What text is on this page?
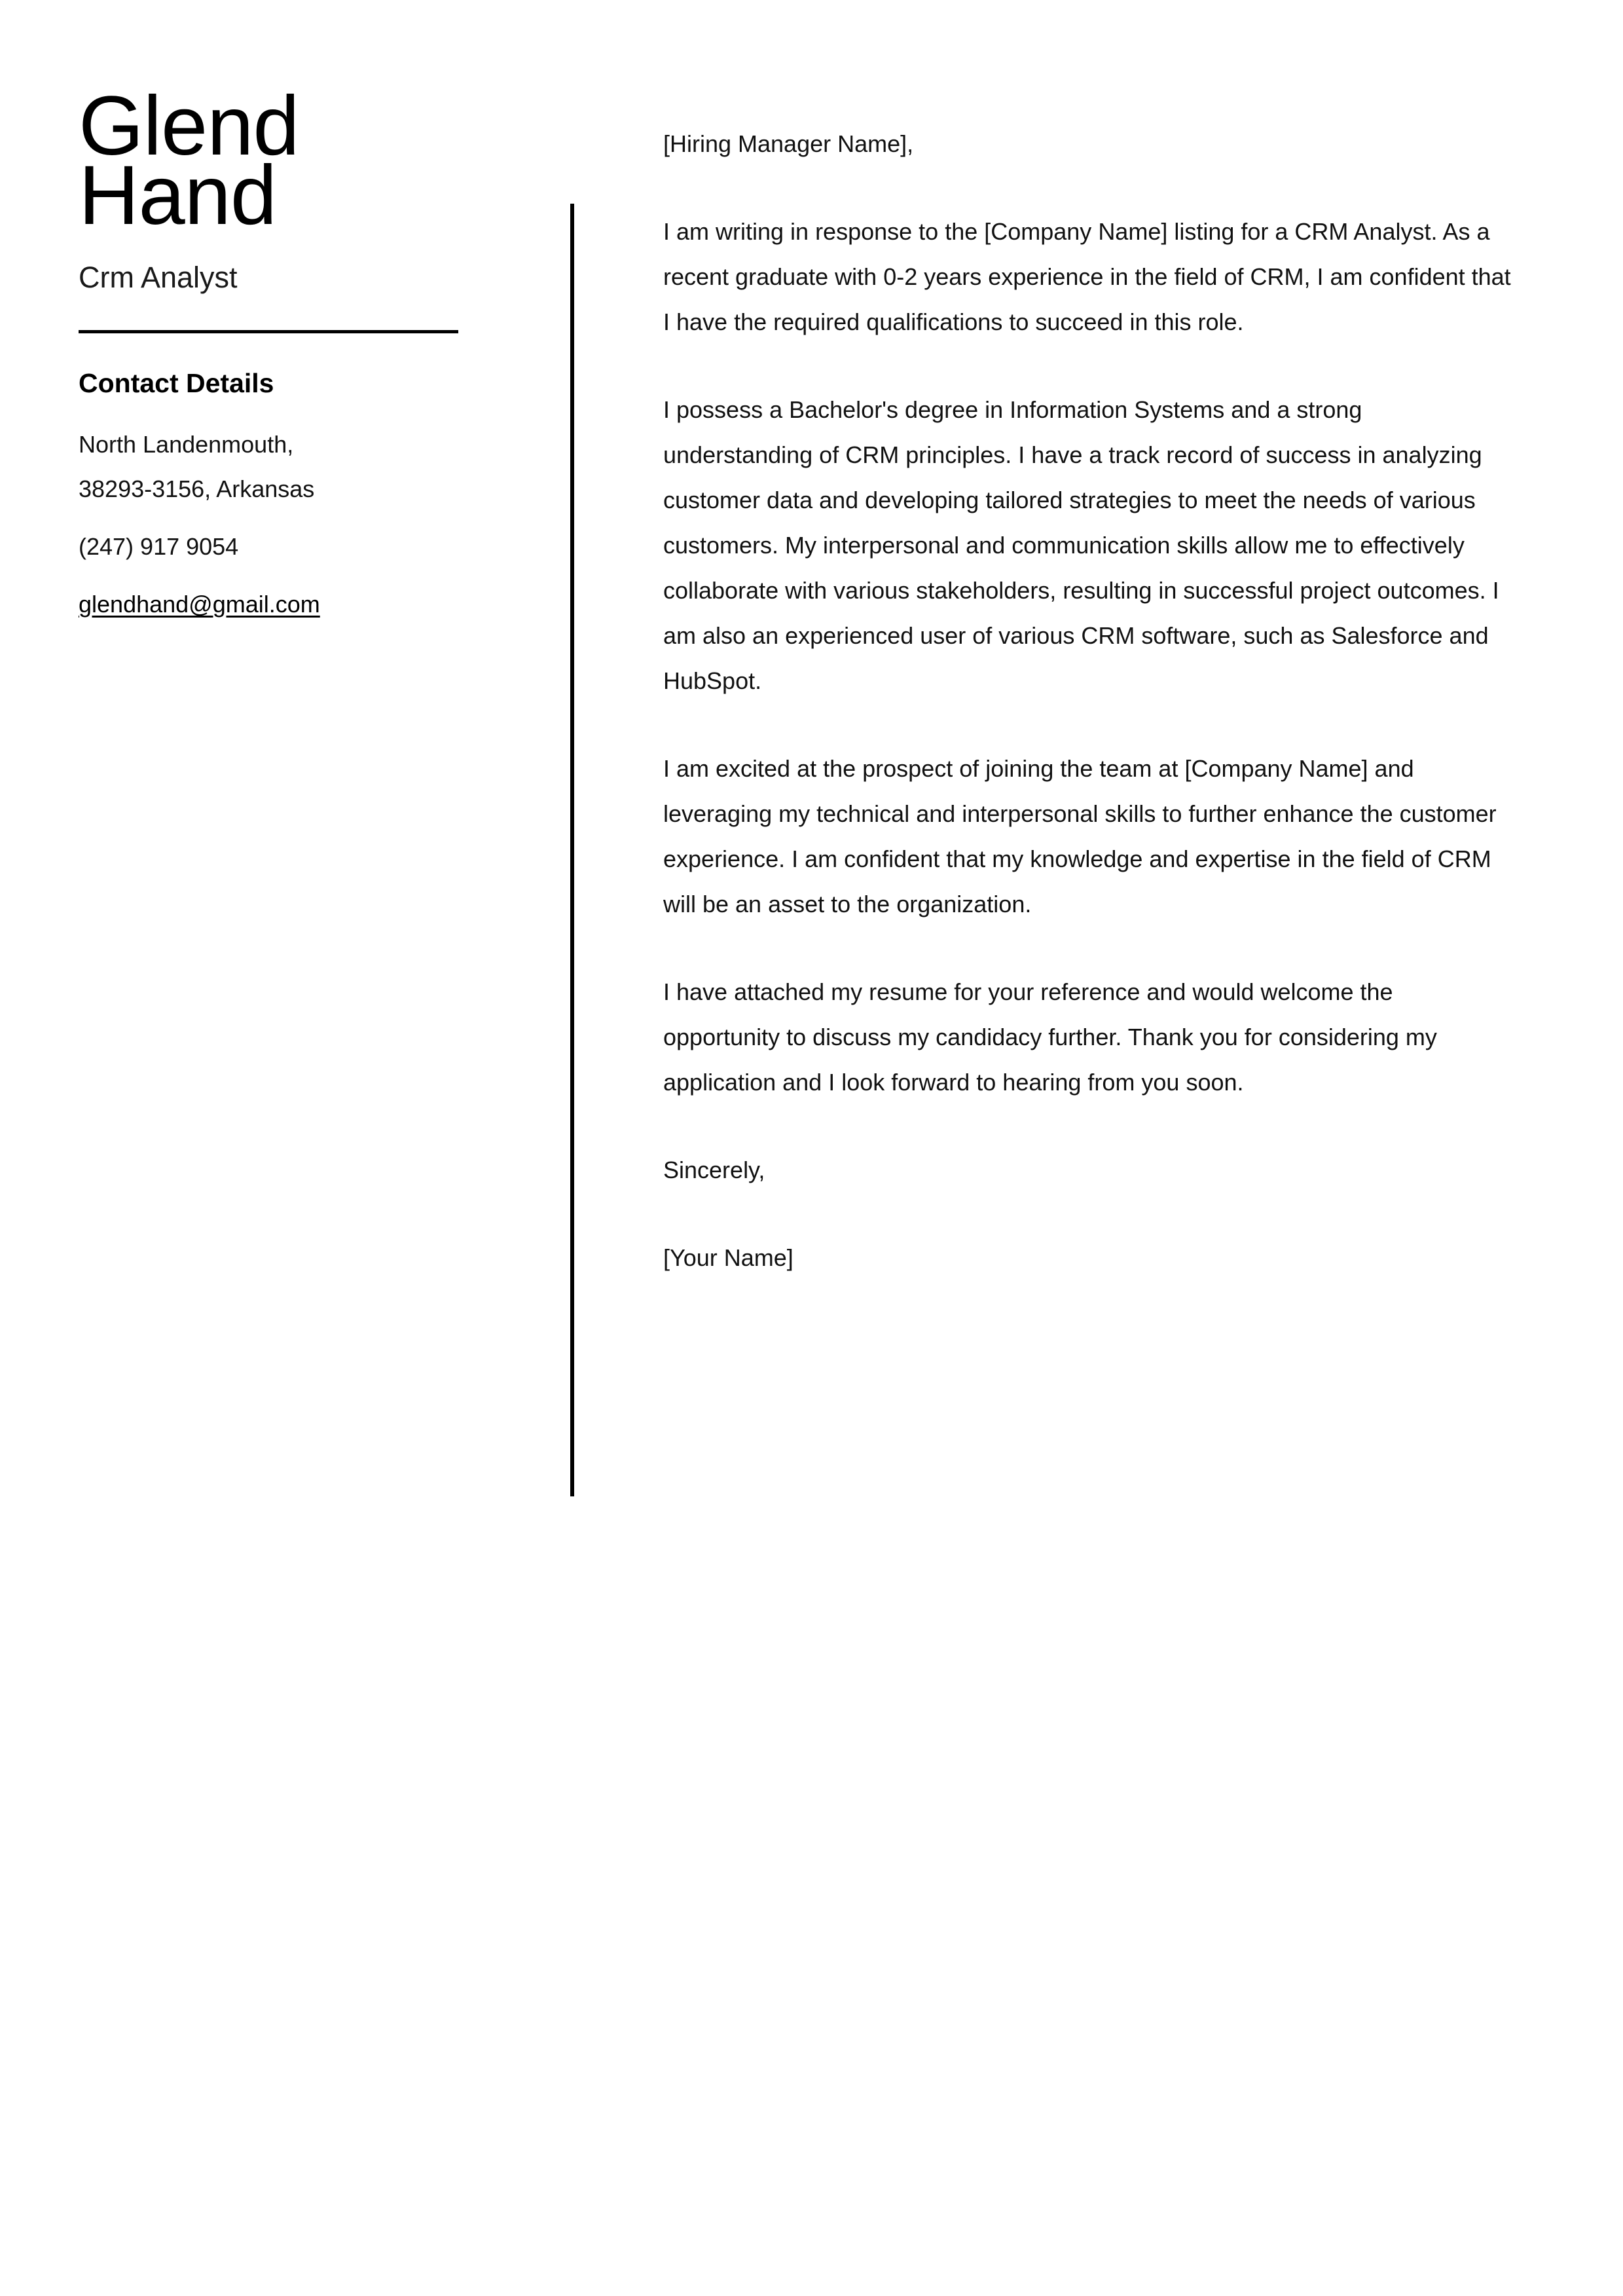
Glend
Hand
Crm Analyst
Contact Details
North Landenmouth,
38293-3156, Arkansas
(247) 917 9054
glendhand@gmail.com

[Hiring Manager Name],

I am writing in response to the [Company Name] listing for a CRM Analyst. As a recent graduate with 0-2 years experience in the field of CRM, I am confident that I have the required qualifications to succeed in this role.

I possess a Bachelor's degree in Information Systems and a strong understanding of CRM principles. I have a track record of success in analyzing customer data and developing tailored strategies to meet the needs of various customers. My interpersonal and communication skills allow me to effectively collaborate with various stakeholders, resulting in successful project outcomes. I am also an experienced user of various CRM software, such as Salesforce and HubSpot.

I am excited at the prospect of joining the team at [Company Name] and leveraging my technical and interpersonal skills to further enhance the customer experience. I am confident that my knowledge and expertise in the field of CRM will be an asset to the organization.

I have attached my resume for your reference and would welcome the opportunity to discuss my candidacy further. Thank you for considering my application and I look forward to hearing from you soon.

Sincerely,

[Your Name]
